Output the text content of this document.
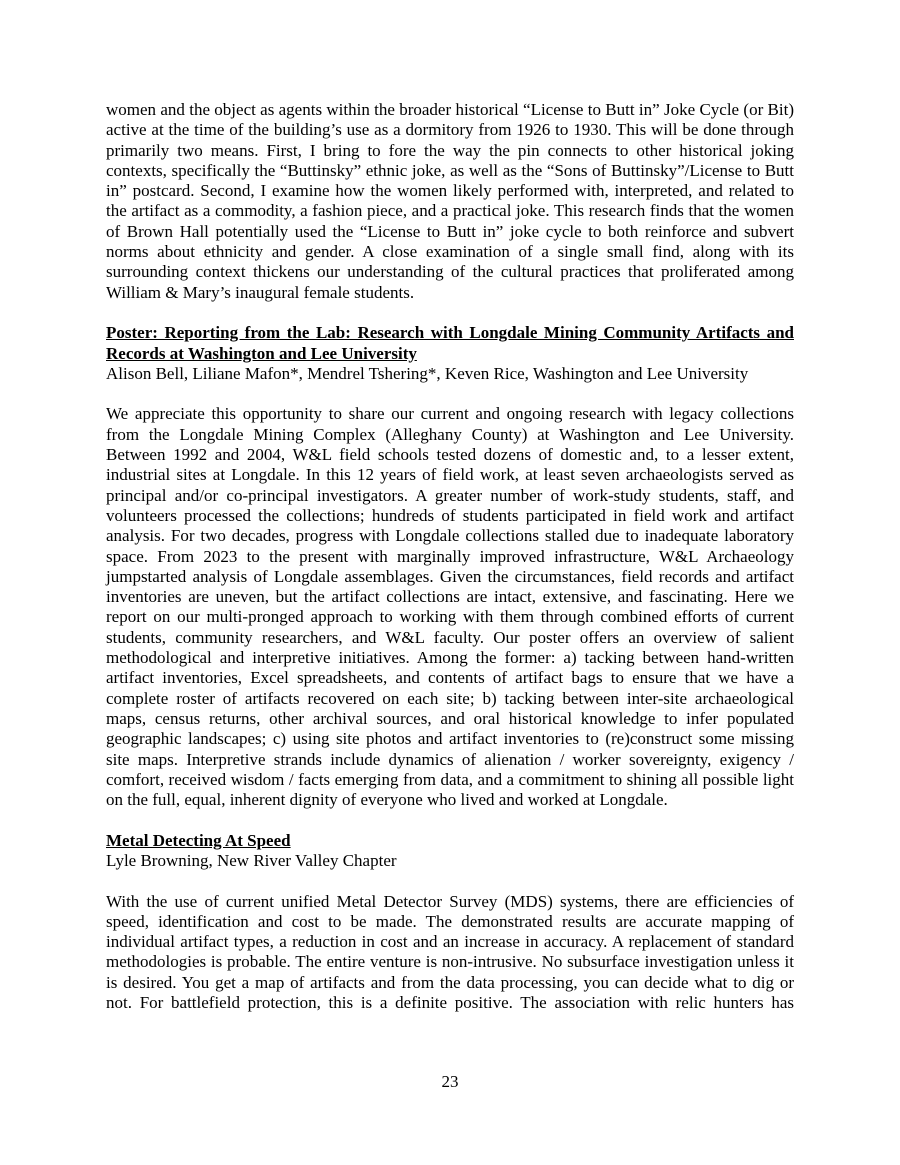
women and the object as agents within the broader historical “License to Butt in” Joke Cycle (or Bit) active at the time of the building’s use as a dormitory from 1926 to 1930. This will be done through primarily two means. First, I bring to fore the way the pin connects to other historical joking contexts, specifically the “Buttinsky” ethnic joke, as well as the “Sons of Buttinsky”/License to Butt in” postcard. Second, I examine how the women likely performed with, interpreted, and related to the artifact as a commodity, a fashion piece, and a practical joke. This research finds that the women of Brown Hall potentially used the “License to Butt in” joke cycle to both reinforce and subvert norms about ethnicity and gender. A close examination of a single small find, along with its surrounding context thickens our understanding of the cultural practices that proliferated among William & Mary’s inaugural female students.

Poster: Reporting from the Lab: Research with Longdale Mining Community Artifacts and Records at Washington and Lee University

Alison Bell, Liliane Mafon*, Mendrel Tshering*, Keven Rice, Washington and Lee University

We appreciate this opportunity to share our current and ongoing research with legacy collections from the Longdale Mining Complex (Alleghany County) at Washington and Lee University. Between 1992 and 2004, W&L field schools tested dozens of domestic and, to a lesser extent, industrial sites at Longdale. In this 12 years of field work, at least seven archaeologists served as principal and/or co-principal investigators. A greater number of work-study students, staff, and volunteers processed the collections; hundreds of students participated in field work and artifact analysis. For two decades, progress with Longdale collections stalled due to inadequate laboratory space. From 2023 to the present with marginally improved infrastructure, W&L Archaeology jumpstarted analysis of Longdale assemblages. Given the circumstances, field records and artifact inventories are uneven, but the artifact collections are intact, extensive, and fascinating. Here we report on our multi-pronged approach to working with them through combined efforts of current students, community researchers, and W&L faculty. Our poster offers an overview of salient methodological and interpretive initiatives. Among the former: a) tacking between hand-written artifact inventories, Excel spreadsheets, and contents of artifact bags to ensure that we have a complete roster of artifacts recovered on each site; b) tacking between inter-site archaeological maps, census returns, other archival sources, and oral historical knowledge to infer populated geographic landscapes; c) using site photos and artifact inventories to (re)construct some missing site maps. Interpretive strands include dynamics of alienation / worker sovereignty, exigency / comfort, received wisdom / facts emerging from data, and a commitment to shining all possible light on the full, equal, inherent dignity of everyone who lived and worked at Longdale.

Metal Detecting At Speed

Lyle Browning, New River Valley Chapter

With the use of current unified Metal Detector Survey (MDS) systems, there are efficiencies of speed, identification and cost to be made. The demonstrated results are accurate mapping of individual artifact types, a reduction in cost and an increase in accuracy. A replacement of standard methodologies is probable. The entire venture is non-intrusive. No subsurface investigation unless it is desired. You get a map of artifacts and from the data processing, you can decide what to dig or not. For battlefield protection, this is a definite positive. The association with relic hunters has

23
